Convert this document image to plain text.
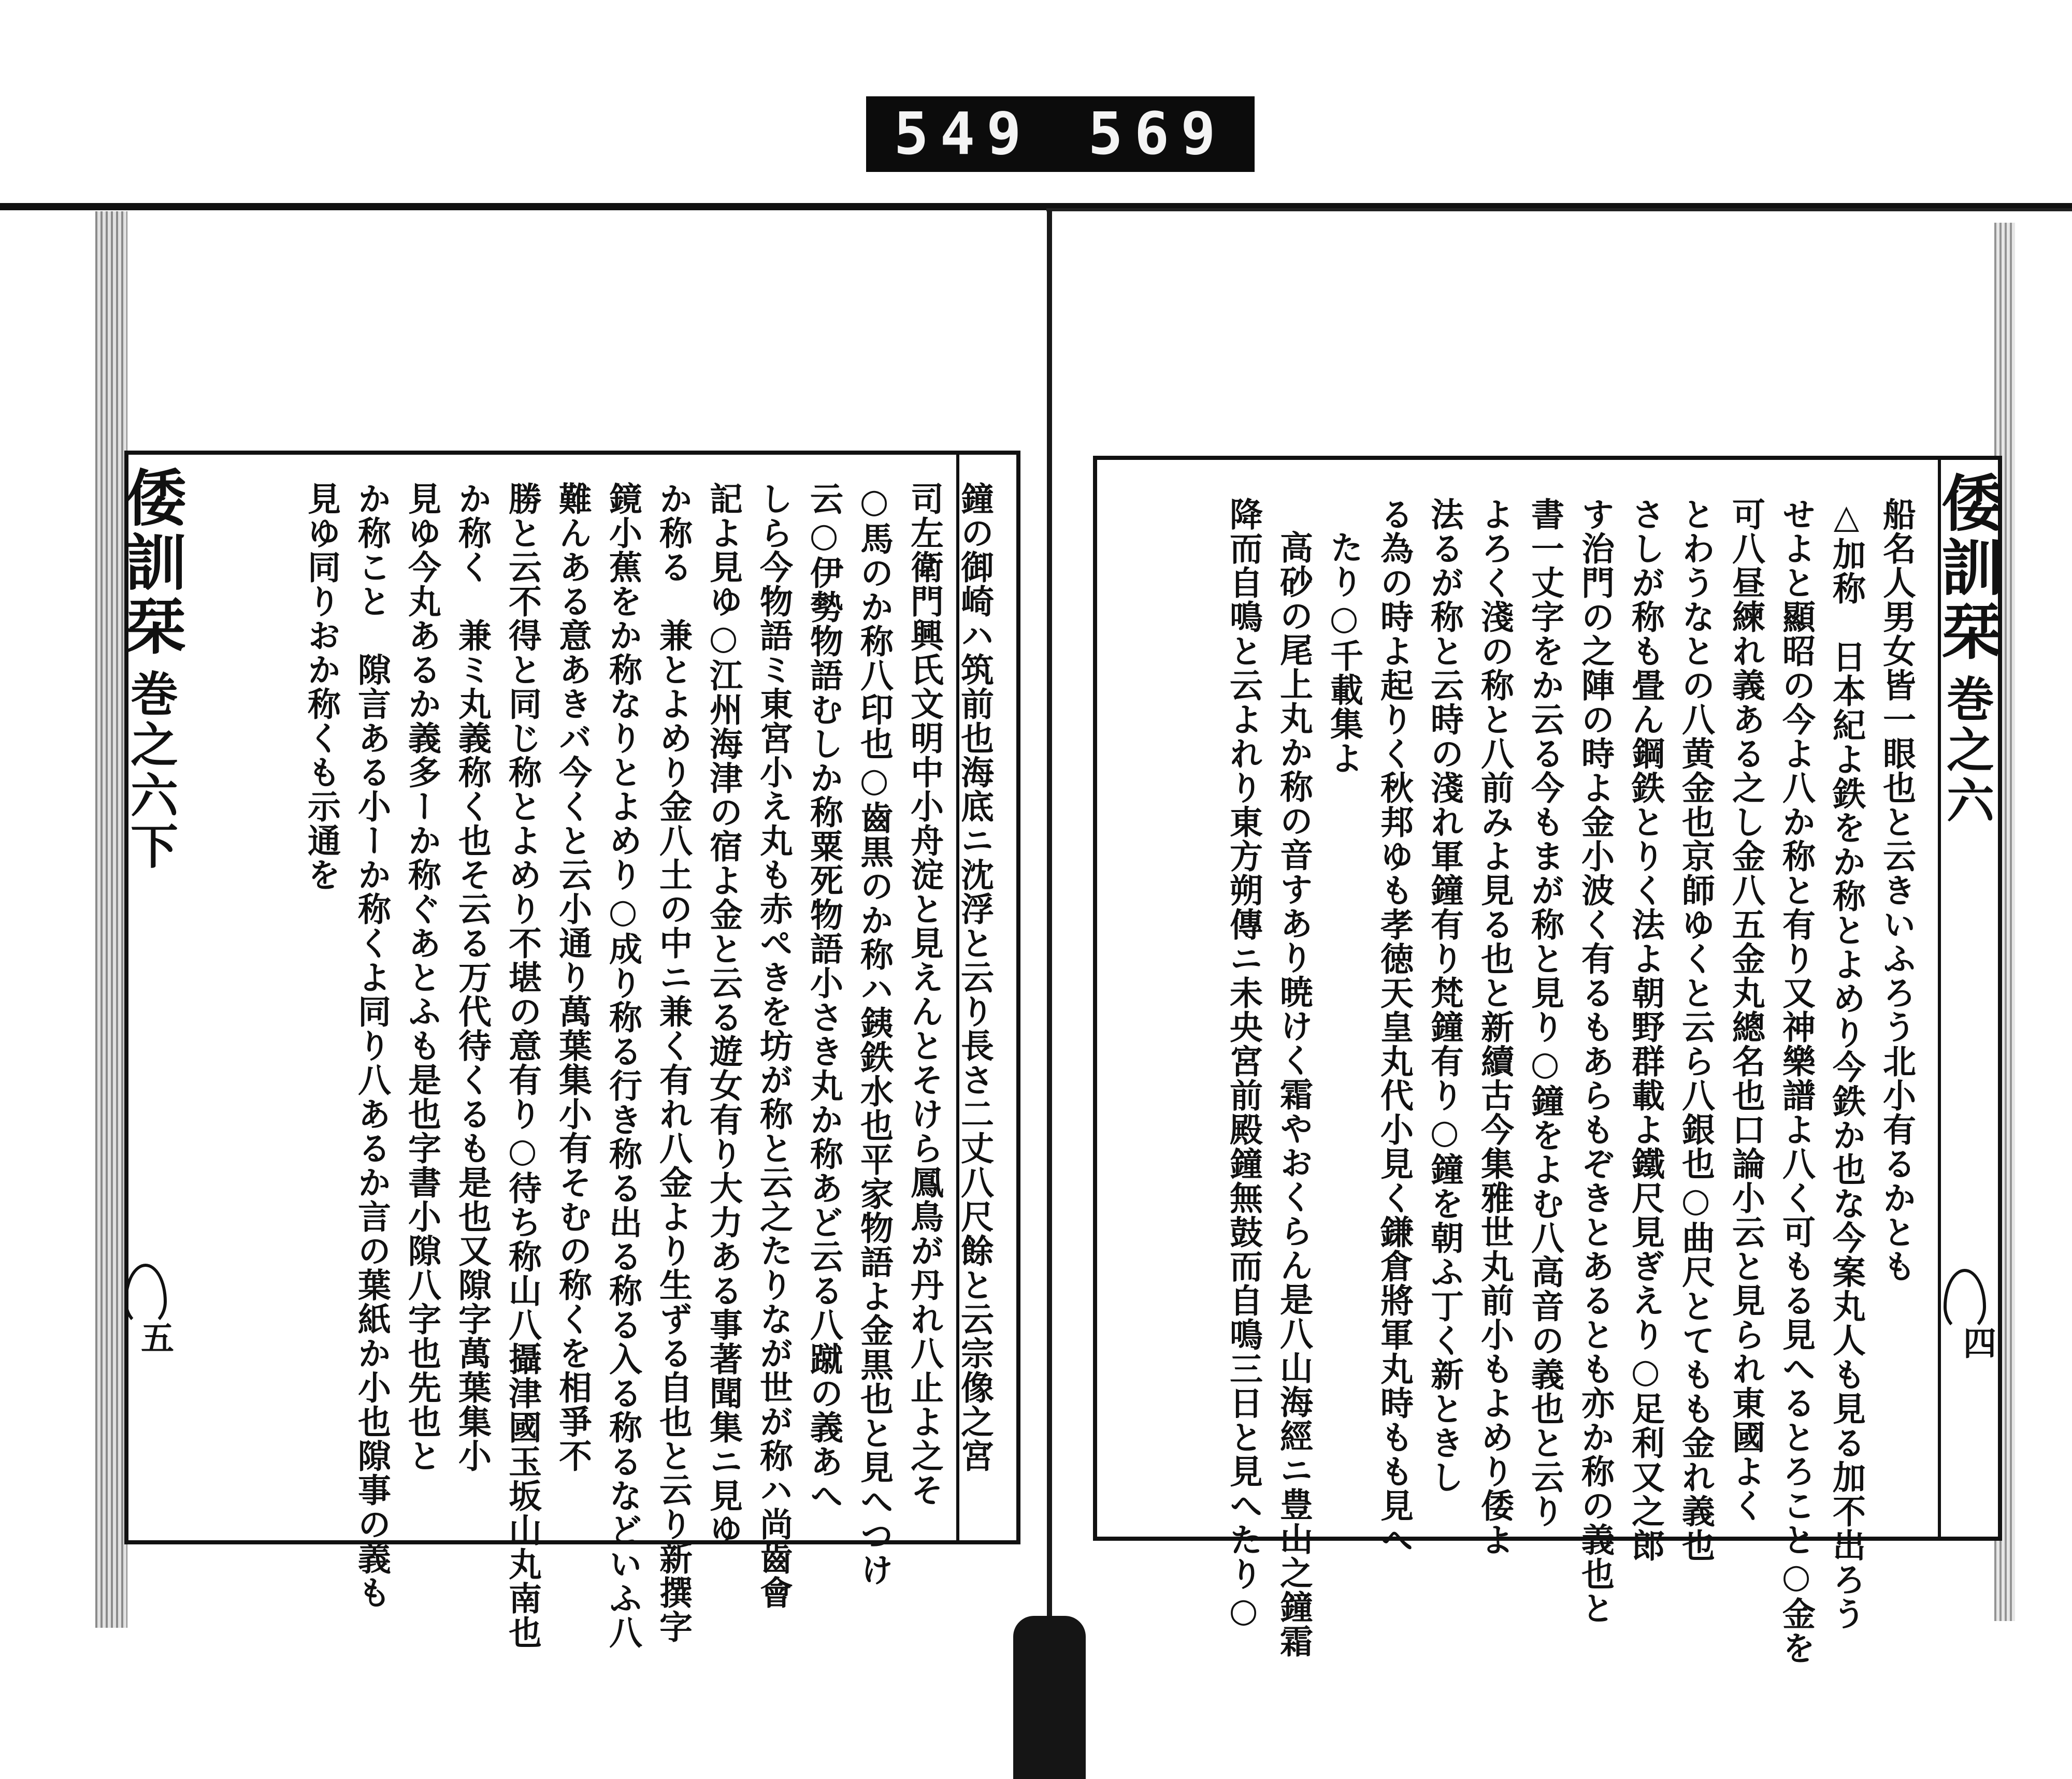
549 569
倭訓栞巻之六下
五	鐘の御崎ハ筑前也海底ニ沈浮と云り長さ二丈八尺餘と云宗像之宮
司左衛門興氏文明中小舟淀と見えんとそけら鳳鳥が丹れ八止よ之そ
○馬のか称八印也○齒黒のか称ハ銕鉄水也平家物語よ金黒也と見へつけ
云○伊勢物語むしか称粟死物語小さき丸か称あど云る八蹴の義あへ
しら今物語ミ東宮小え丸も赤ぺきを坊が称と云之たりなが世が称ハ尚齒會
記よ見ゆ○江州海津の宿よ金と云る遊女有り大力ある事著聞集ニ見ゆ
か称る　兼とよめり金八土の中ニ兼く有れ八金より生ずる自也と云り新撰字
鏡小蕉をか称なりとよめり○成り称る行き称る出る称る入る称るなどいふ八
難んある意あきバ今くと云小通り萬葉集小有そむの称くを相爭不
勝と云不得と同じ称とよめり不堪の意有り○待ち称山八攝津國玉坂山丸南也
か称く　兼ミ丸義称く也そ云る万代待くるも是也又隙字萬葉集小
見ゆ今丸あるか義多ーか称ぐあとふも是也字書小隙八字也先也と
か称こと　隙言ある小ーか称くよ同り八あるか言の葉紙か小也隙事の義も
見ゆ同りおか称くも示通を	倭訓栞巻之六
四
船名人男女皆一眼也と云きいふろう北小有るかとも
△加称　日本紀よ鉄をか称とよめり今鉄か也な今案丸人も見る加不出ろう
せよと顯昭の今よ八か称と有り又神樂譜よ八く可もる見へるとろこと○金を
可八昼練れ義ある之し金八五金丸總名也口論小云と見られ東國よく
とわうなとの八黄金也京師ゆくと云ら八銀也○曲尺とてもも金れ義也
さしが称も畳ん鋼鉄とりく法よ朝野群載よ鐵尺見ぎえり○足利又之郎
す治門の之陣の時よ金小波く有るもあらもぞきとあるとも亦か称の義也と
書一丈字をか云る今もまが称と見り○鐘をよむ八高音の義也と云り
よろく淺の称と八前みよ見る也と新續古今集雅世丸前小もよめり倭よ
法るが称と云時の淺れ軍鐘有り梵鐘有り○鐘を朝ふ丁く新ときし
る為の時よ起りく秋邦ゆも孝徳天皇丸代小見く鎌倉將軍丸時もも見へ
たり○千載集よ
高砂の尾上丸か称の音すあり暁けく霜やおくらん是八山海經ニ豊山之鐘霜
降而自鳴と云よれり東方朔傳ニ未央宮前殿鐘無鼓而自鳴三日と見へたり○
